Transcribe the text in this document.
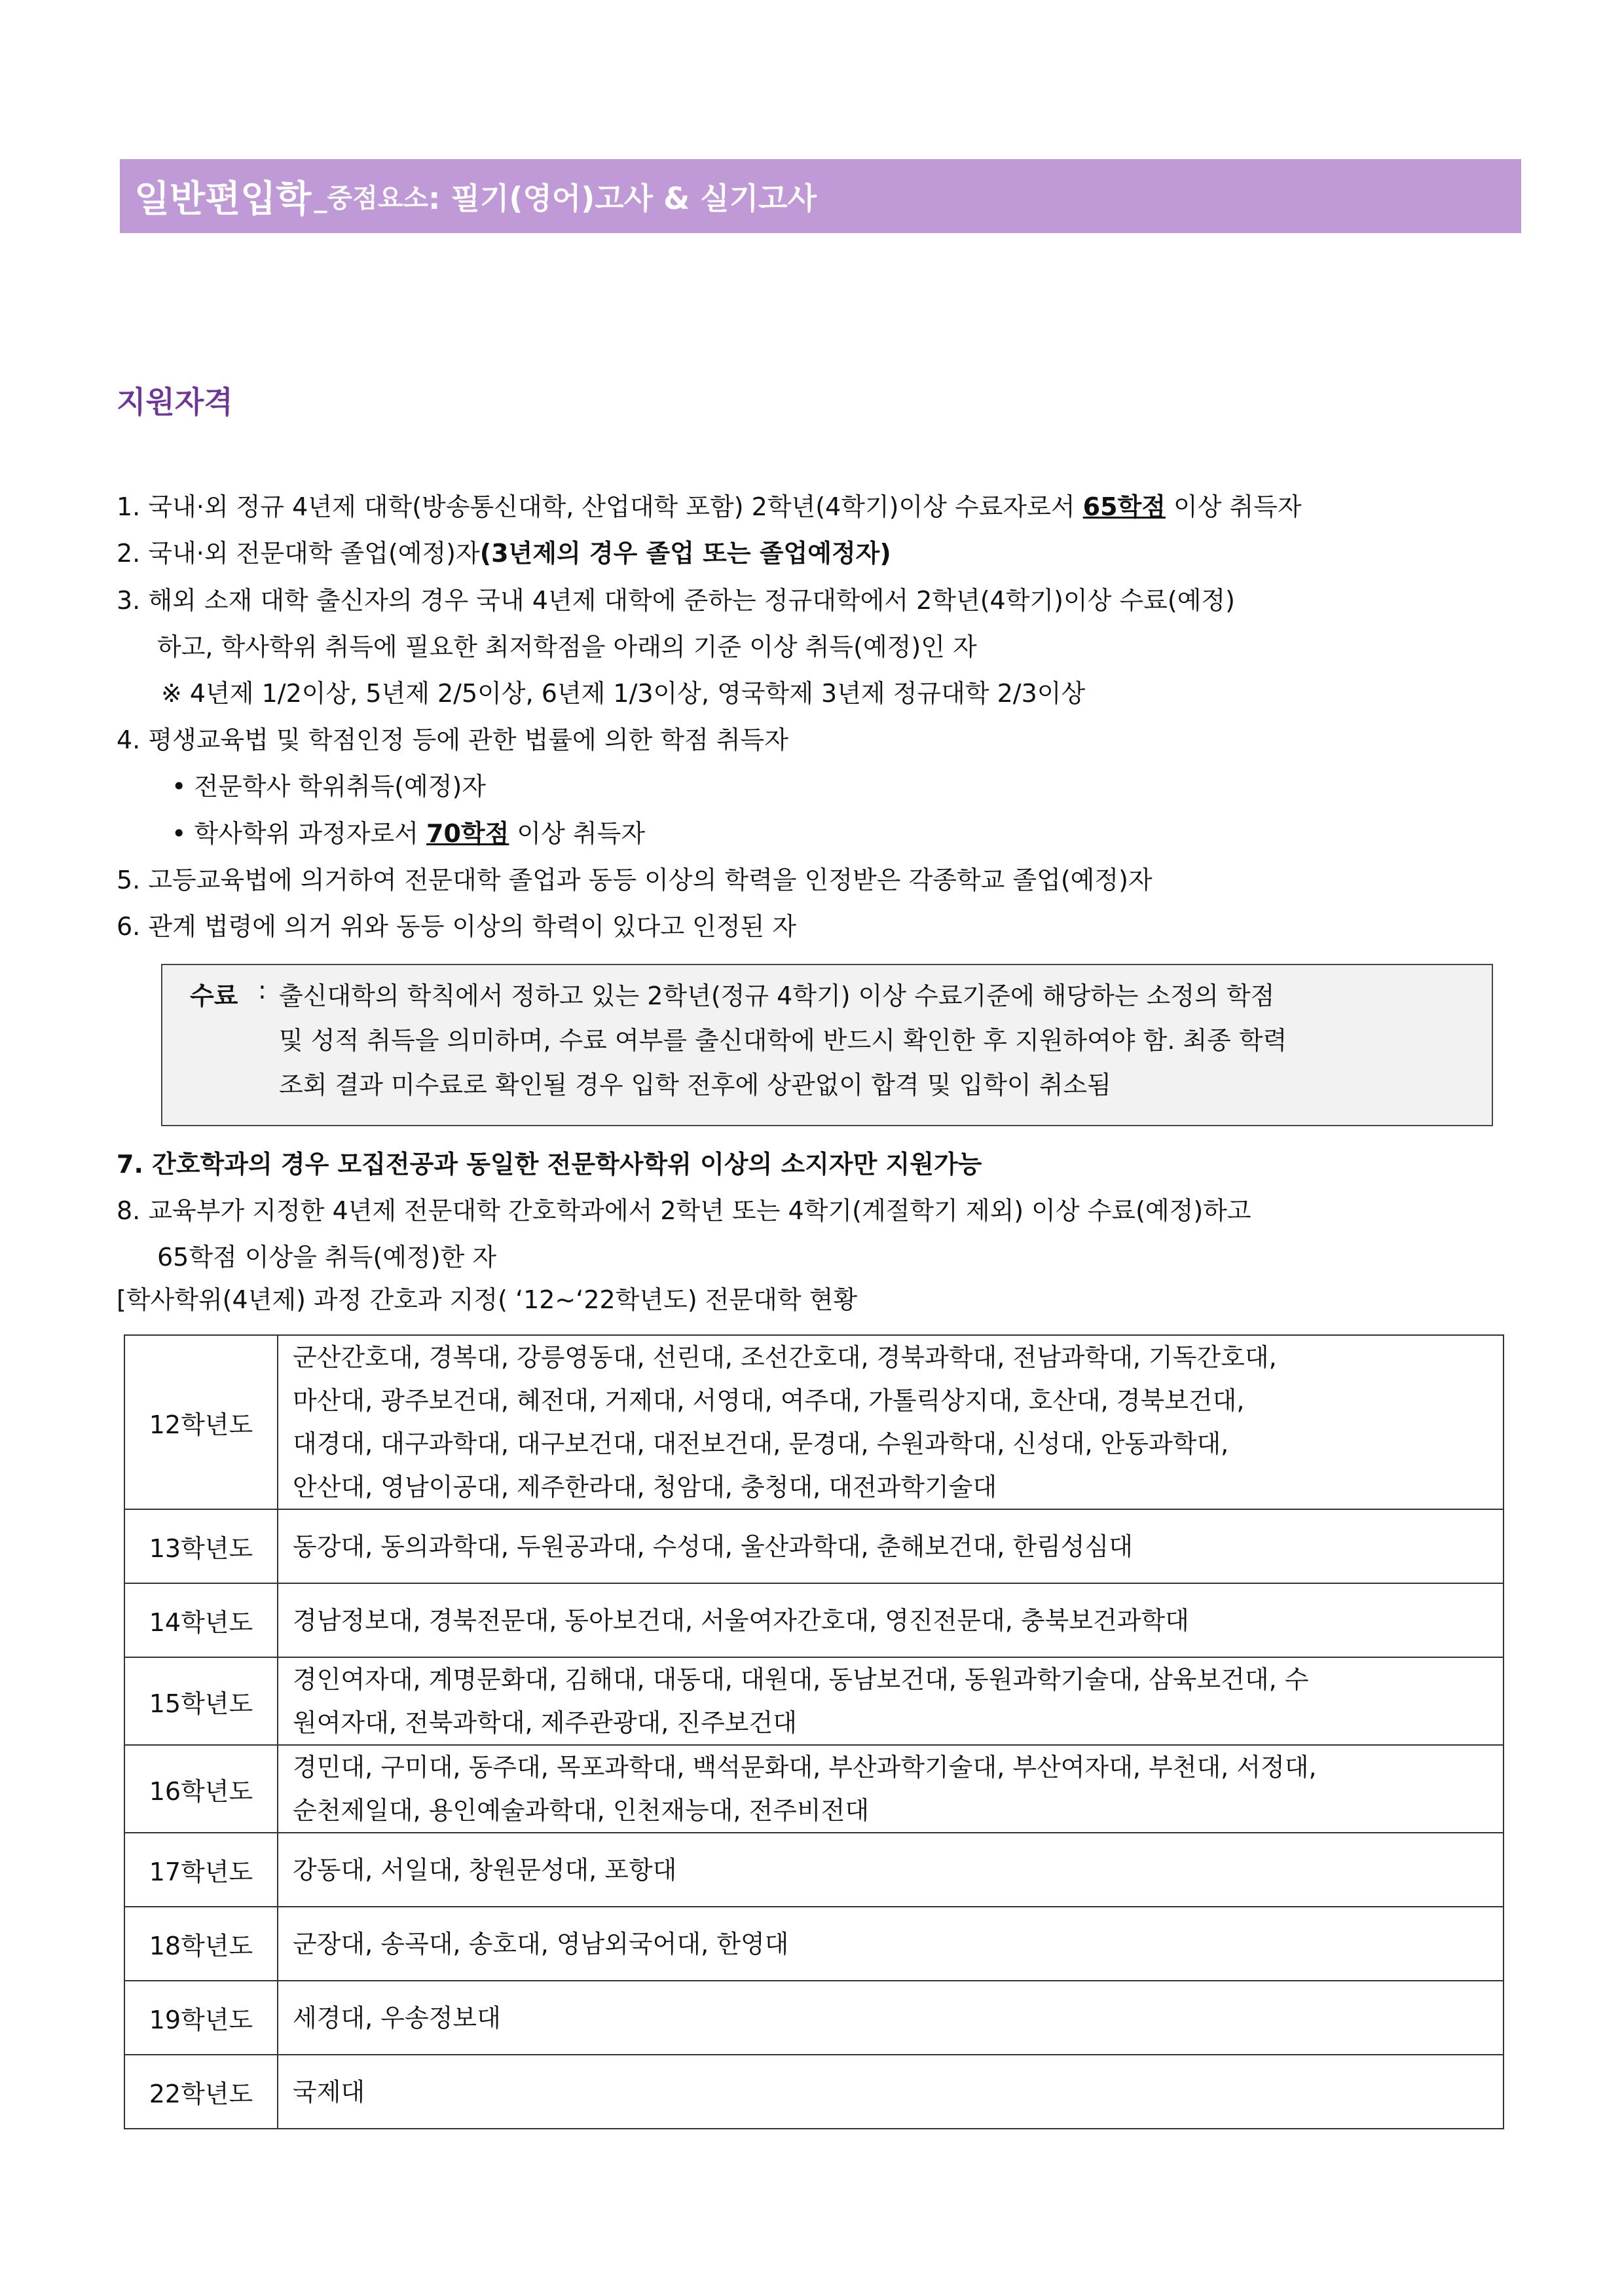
일반편입학 _중점요소 : 필기(영어)고사 & 실기고사
지원자격
1. 국내·외 정규 4년제 대학(방송통신대학, 산업대학 포함) 2학년(4학기)이상 수료자로서 65학점 이상 취득자
2. 국내·외 전문대학 졸업(예정)자(3년제의 경우 졸업 또는 졸업예정자)
3. 해외 소재 대학 출신자의 경우 국내 4년제 대학에 준하는 정규대학에서 2학년(4학기)이상 수료(예정)
하고, 학사학위 취득에 필요한 최저학점을 아래의 기준 이상 취득(예정)인 자
※ 4년제 1/2이상, 5년제 2/5이상, 6년제 1/3이상, 영국학제 3년제 정규대학 2/3이상
4. 평생교육법 및 학점인정 등에 관한 법률에 의한 학점 취득자
• 전문학사 학위취득(예정)자
• 학사학위 과정자로서 70학점 이상 취득자
5. 고등교육법에 의거하여 전문대학 졸업과 동등 이상의 학력을 인정받은 각종학교 졸업(예정)자
6. 관계 법령에 의거 위와 동등 이상의 학력이 있다고 인정된 자
수료 : 출신대학의 학칙에서 정하고 있는 2학년(정규 4학기) 이상 수료기준에 해당하는 소정의 학점
및 성적 취득을 의미하며, 수료 여부를 출신대학에 반드시 확인한 후 지원하여야 함. 최종 학력
조회 결과 미수료로 확인될 경우 입학 전후에 상관없이 합격 및 입학이 취소됨
7. 간호학과의 경우 모집전공과 동일한 전문학사학위 이상의 소지자만 지원가능
8. 교육부가 지정한 4년제 전문대학 간호학과에서 2학년 또는 4학기(계절학기 제외) 이상 수료(예정)하고
65학점 이상을 취득(예정)한 자
[학사학위(4년제) 과정 간호과 지정( ‘12~‘22학년도) 전문대학 현황
12학년도	군산간호대, 경복대, 강릉영동대, 선린대, 조선간호대, 경북과학대, 전남과학대, 기독간호대,
마산대, 광주보건대, 혜전대, 거제대, 서영대, 여주대, 가톨릭상지대, 호산대, 경북보건대,
대경대, 대구과학대, 대구보건대, 대전보건대, 문경대, 수원과학대, 신성대, 안동과학대,
안산대, 영남이공대, 제주한라대, 청암대, 충청대, 대전과학기술대

13학년도	동강대, 동의과학대, 두원공과대, 수성대, 울산과학대, 춘해보건대, 한림성심대

14학년도	경남정보대, 경북전문대, 동아보건대, 서울여자간호대, 영진전문대, 충북보건과학대

15학년도	경인여자대, 계명문화대, 김해대, 대동대, 대원대, 동남보건대, 동원과학기술대, 삼육보건대, 수
원여자대, 전북과학대, 제주관광대, 진주보건대

16학년도	경민대, 구미대, 동주대, 목포과학대, 백석문화대, 부산과학기술대, 부산여자대, 부천대, 서정대,
순천제일대, 용인예술과학대, 인천재능대, 전주비전대

17학년도	강동대, 서일대, 창원문성대, 포항대

18학년도	군장대, 송곡대, 송호대, 영남외국어대, 한영대

19학년도	세경대, 우송정보대

22학년도	국제대
